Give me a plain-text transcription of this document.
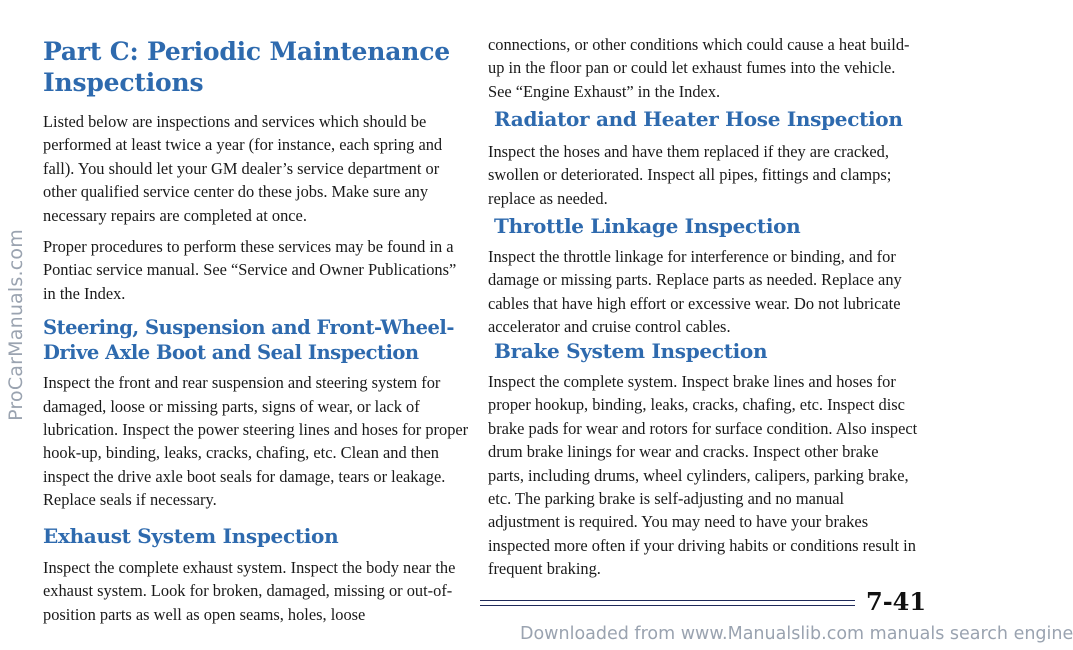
Part C: Periodic Maintenance Inspections

Listed below are inspections and services which should be performed at least twice a year (for instance, each spring and fall). You should let your GM dealer’s service department or other qualified service center do these jobs. Make sure any necessary repairs are completed at once.

Proper procedures to perform these services may be found in a Pontiac service manual. See “Service and Owner Publications” in the Index.

Steering, Suspension and Front-Wheel-Drive Axle Boot and Seal Inspection

Inspect the front and rear suspension and steering system for damaged, loose or missing parts, signs of wear, or lack of lubrication. Inspect the power steering lines and hoses for proper hook-up, binding, leaks, cracks, chafing, etc. Clean and then inspect the drive axle boot seals for damage, tears or leakage. Replace seals if necessary.

Exhaust System Inspection

Inspect the complete exhaust system. Inspect the body near the exhaust system. Look for broken, damaged, missing or out-of-position parts as well as open seams, holes, loose

connections, or other conditions which could cause a heat build-up in the floor pan or could let exhaust fumes into the vehicle. See “Engine Exhaust” in the Index.

Radiator and Heater Hose Inspection

Inspect the hoses and have them replaced if they are cracked, swollen or deteriorated. Inspect all pipes, fittings and clamps; replace as needed.

Throttle Linkage Inspection

Inspect the throttle linkage for interference or binding, and for damage or missing parts. Replace parts as needed. Replace any cables that have high effort or excessive wear. Do not lubricate accelerator and cruise control cables.

Brake System Inspection

Inspect the complete system. Inspect brake lines and hoses for proper hookup, binding, leaks, cracks, chafing, etc. Inspect disc brake pads for wear and rotors for surface condition. Also inspect drum brake linings for wear and cracks. Inspect other brake parts, including drums, wheel cylinders, calipers, parking brake, etc. The parking brake is self-adjusting and no manual adjustment is required. You may need to have your brakes inspected more often if your driving habits or conditions result in frequent braking.

7-41
ProCarManuals.com
Downloaded from www.Manualslib.com manuals search engine
